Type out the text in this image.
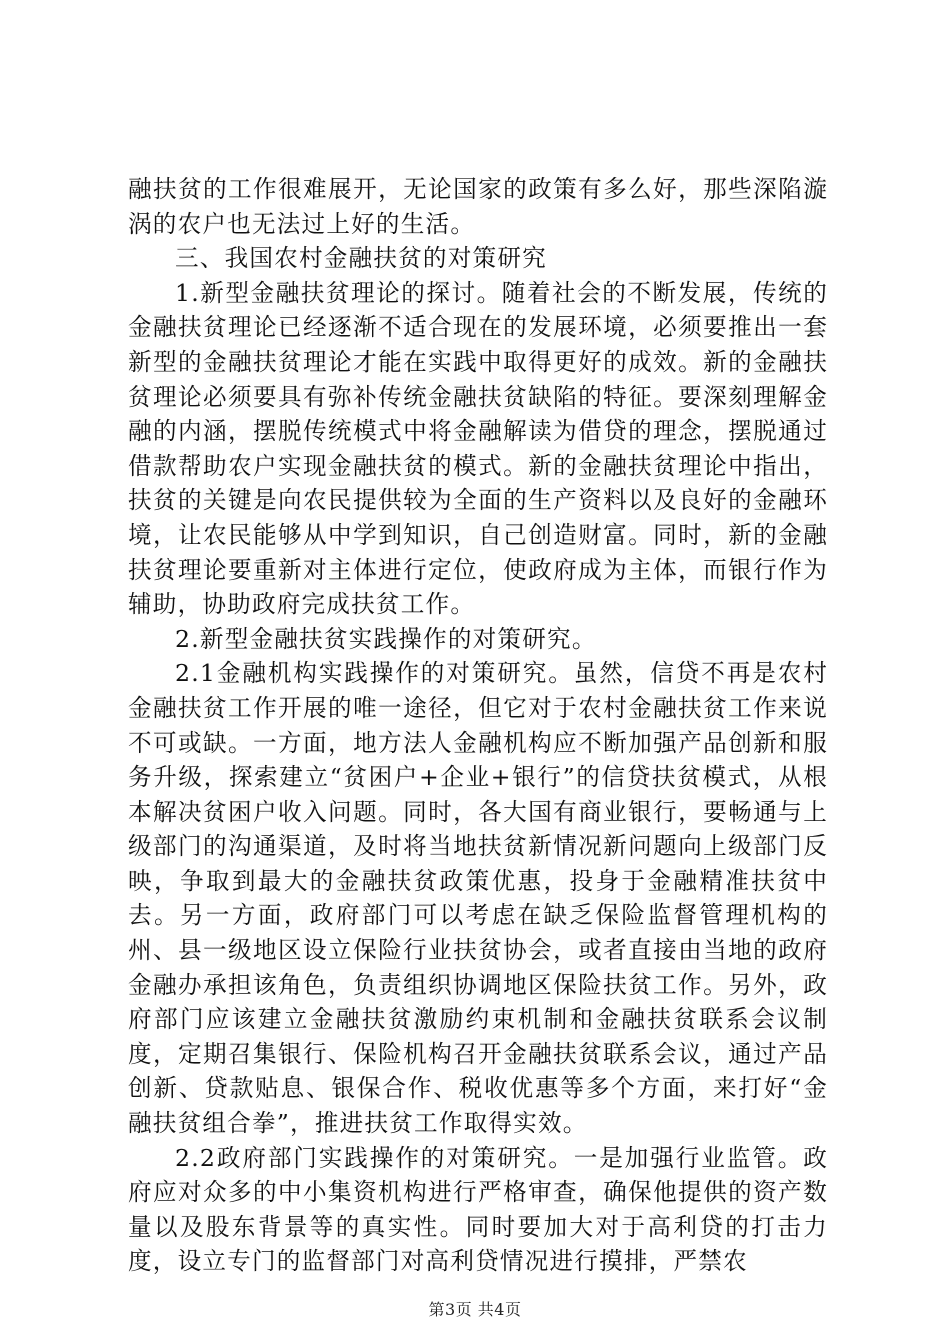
融扶贫的工作很难展开，无论国家的政策有多么好，那些深陷漩涡的农户也无法过上好的生活。

三、我国农村金融扶贫的对策研究

1.新型金融扶贫理论的探讨。随着社会的不断发展，传统的金融扶贫理论已经逐渐不适合现在的发展环境，必须要推出一套新型的金融扶贫理论才能在实践中取得更好的成效。新的金融扶贫理论必须要具有弥补传统金融扶贫缺陷的特征。要深刻理解金融的内涵，摆脱传统模式中将金融解读为借贷的理念，摆脱通过借款帮助农户实现金融扶贫的模式。新的金融扶贫理论中指出，扶贫的关键是向农民提供较为全面的生产资料以及良好的金融环境，让农民能够从中学到知识，自己创造财富。同时，新的金融扶贫理论要重新对主体进行定位，使政府成为主体，而银行作为辅助，协助政府完成扶贫工作。

2.新型金融扶贫实践操作的对策研究。

2.1金融机构实践操作的对策研究。虽然，信贷不再是农村金融扶贫工作开展的唯一途径，但它对于农村金融扶贫工作来说不可或缺。一方面，地方法人金融机构应不断加强产品创新和服务升级，探索建立“贫困户+企业+银行”的信贷扶贫模式，从根本解决贫困户收入问题。同时，各大国有商业银行，要畅通与上级部门的沟通渠道，及时将当地扶贫新情况新问题向上级部门反映，争取到最大的金融扶贫政策优惠，投身于金融精准扶贫中去。另一方面，政府部门可以考虑在缺乏保险监督管理机构的州、县一级地区设立保险行业扶贫协会，或者直接由当地的政府金融办承担该角色，负责组织协调地区保险扶贫工作。另外，政府部门应该建立金融扶贫激励约束机制和金融扶贫联系会议制度，定期召集银行、保险机构召开金融扶贫联系会议，通过产品创新、贷款贴息、银保合作、税收优惠等多个方面，来打好“金融扶贫组合拳”，推进扶贫工作取得实效。

2.2政府部门实践操作的对策研究。一是加强行业监管。政府应对众多的中小集资机构进行严格审查，确保他提供的资产数量以及股东背景等的真实性。同时要加大对于高利贷的打击力度，设立专门的监督部门对高利贷情况进行摸排，严禁农

第3页 共4页
